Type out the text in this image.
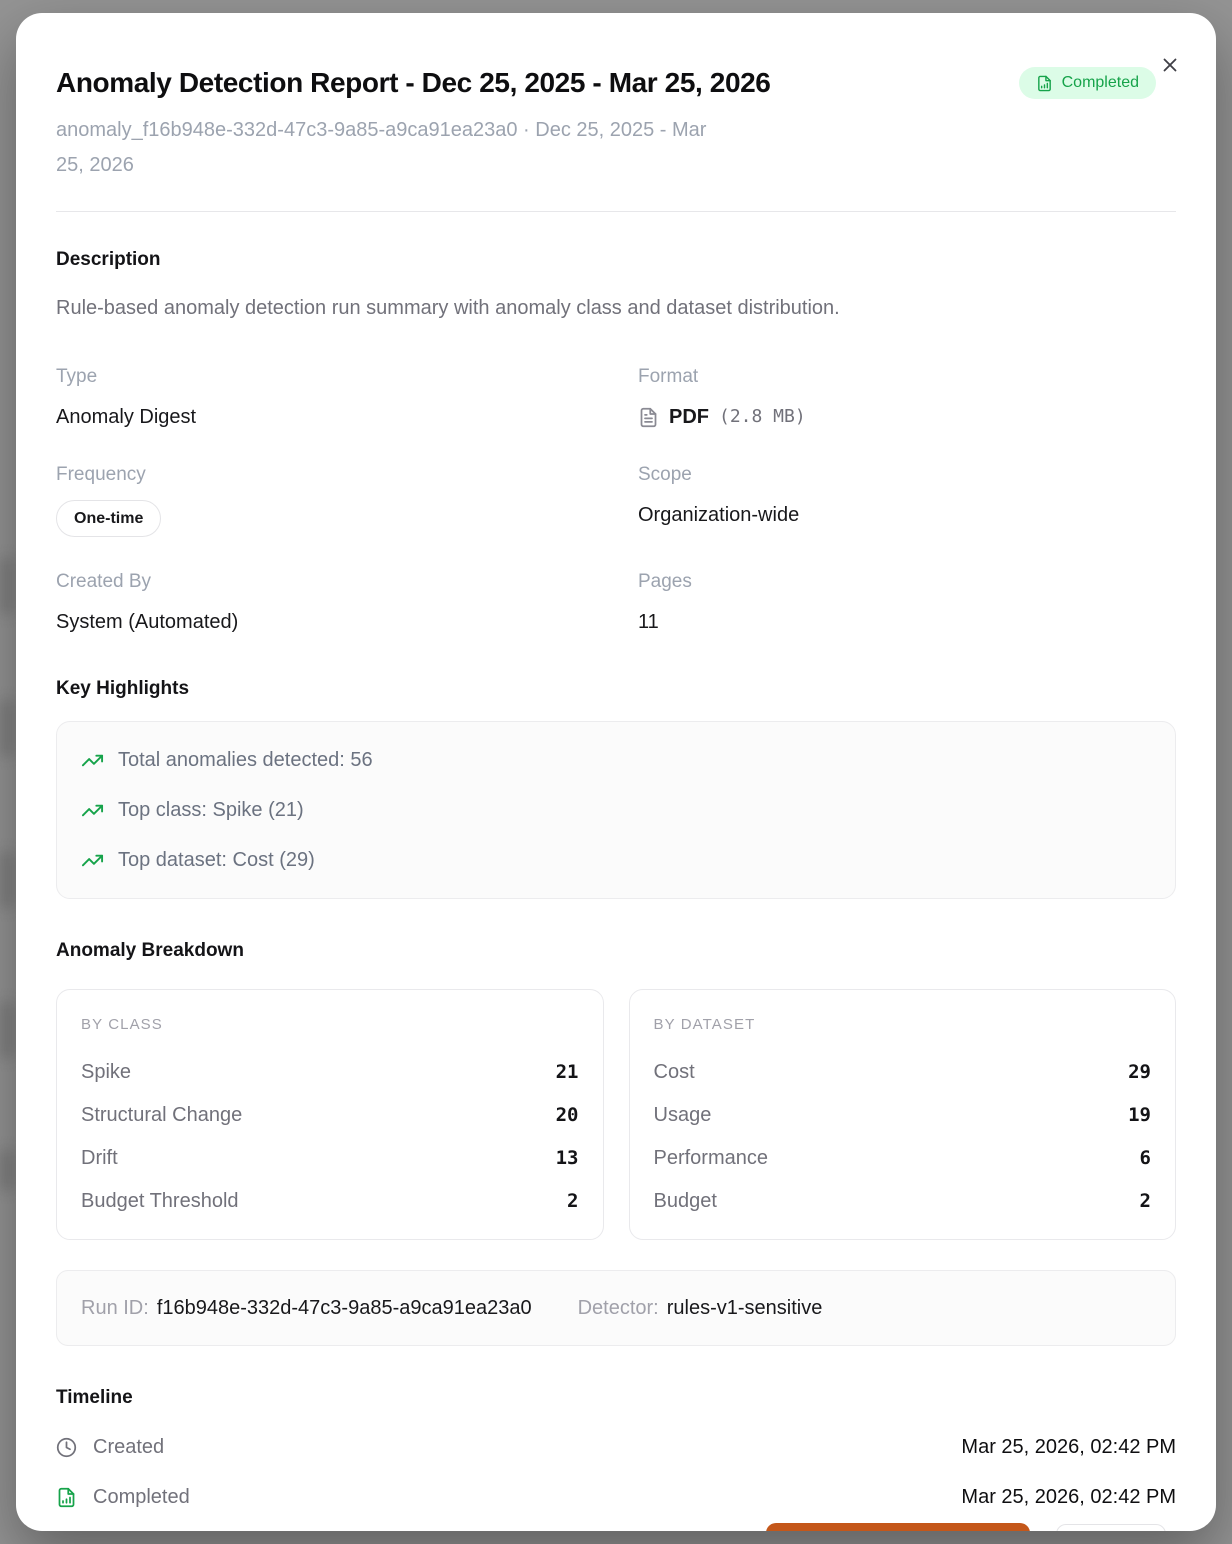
Anomaly Detection Report - Dec 25, 2025 - Mar 25, 2026

anomaly_f16b948e-332d-47c3-9a85-a9ca91ea23a0 · Dec 25, 2025 - Mar 25, 2026

Completed
Description

Rule-based anomaly detection run summary with anomaly class and dataset distribution.

Type
Anomaly Digest
Format
PDF (2.8 MB)
Frequency
One-time
Scope
Organization-wide
Created By
System (Automated)
Pages
11
Key Highlights
Total anomalies detected: 56
Top class: Spike (21)
Top dataset: Cost (29)
Anomaly Breakdown
BY CLASS
Spike	21
Structural Change	20
Drift	13
Budget Threshold	2
BY DATASET
Cost	29
Usage	19
Performance	6
Budget	2
Run ID: f16b948e-332d-47c3-9a85-a9ca91ea23a0 Detector: rules-v1-sensitive
Timeline
Created	Mar 25, 2026, 02:42 PM
Completed	Mar 25, 2026, 02:42 PM
